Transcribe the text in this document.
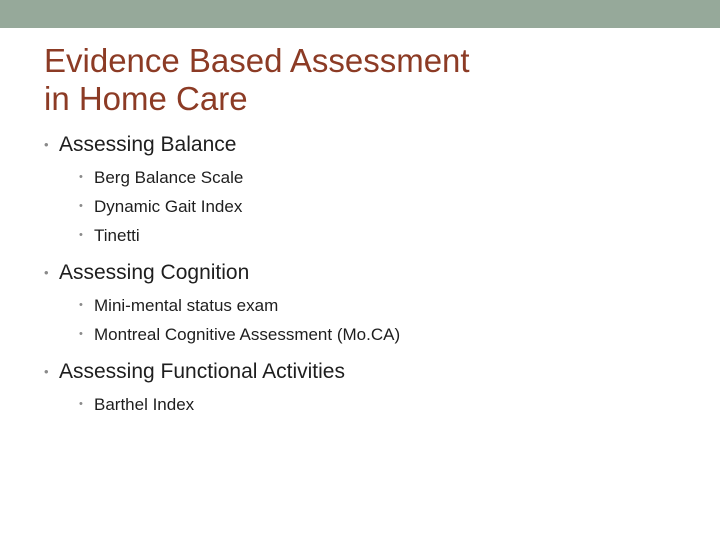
Evidence Based Assessment
in Home Care
• Assessing Balance
• Berg Balance Scale
• Dynamic Gait Index
• Tinetti
• Assessing Cognition
• Mini-mental status exam
• Montreal Cognitive Assessment (Mo.CA)
• Assessing Functional Activities
• Barthel Index
